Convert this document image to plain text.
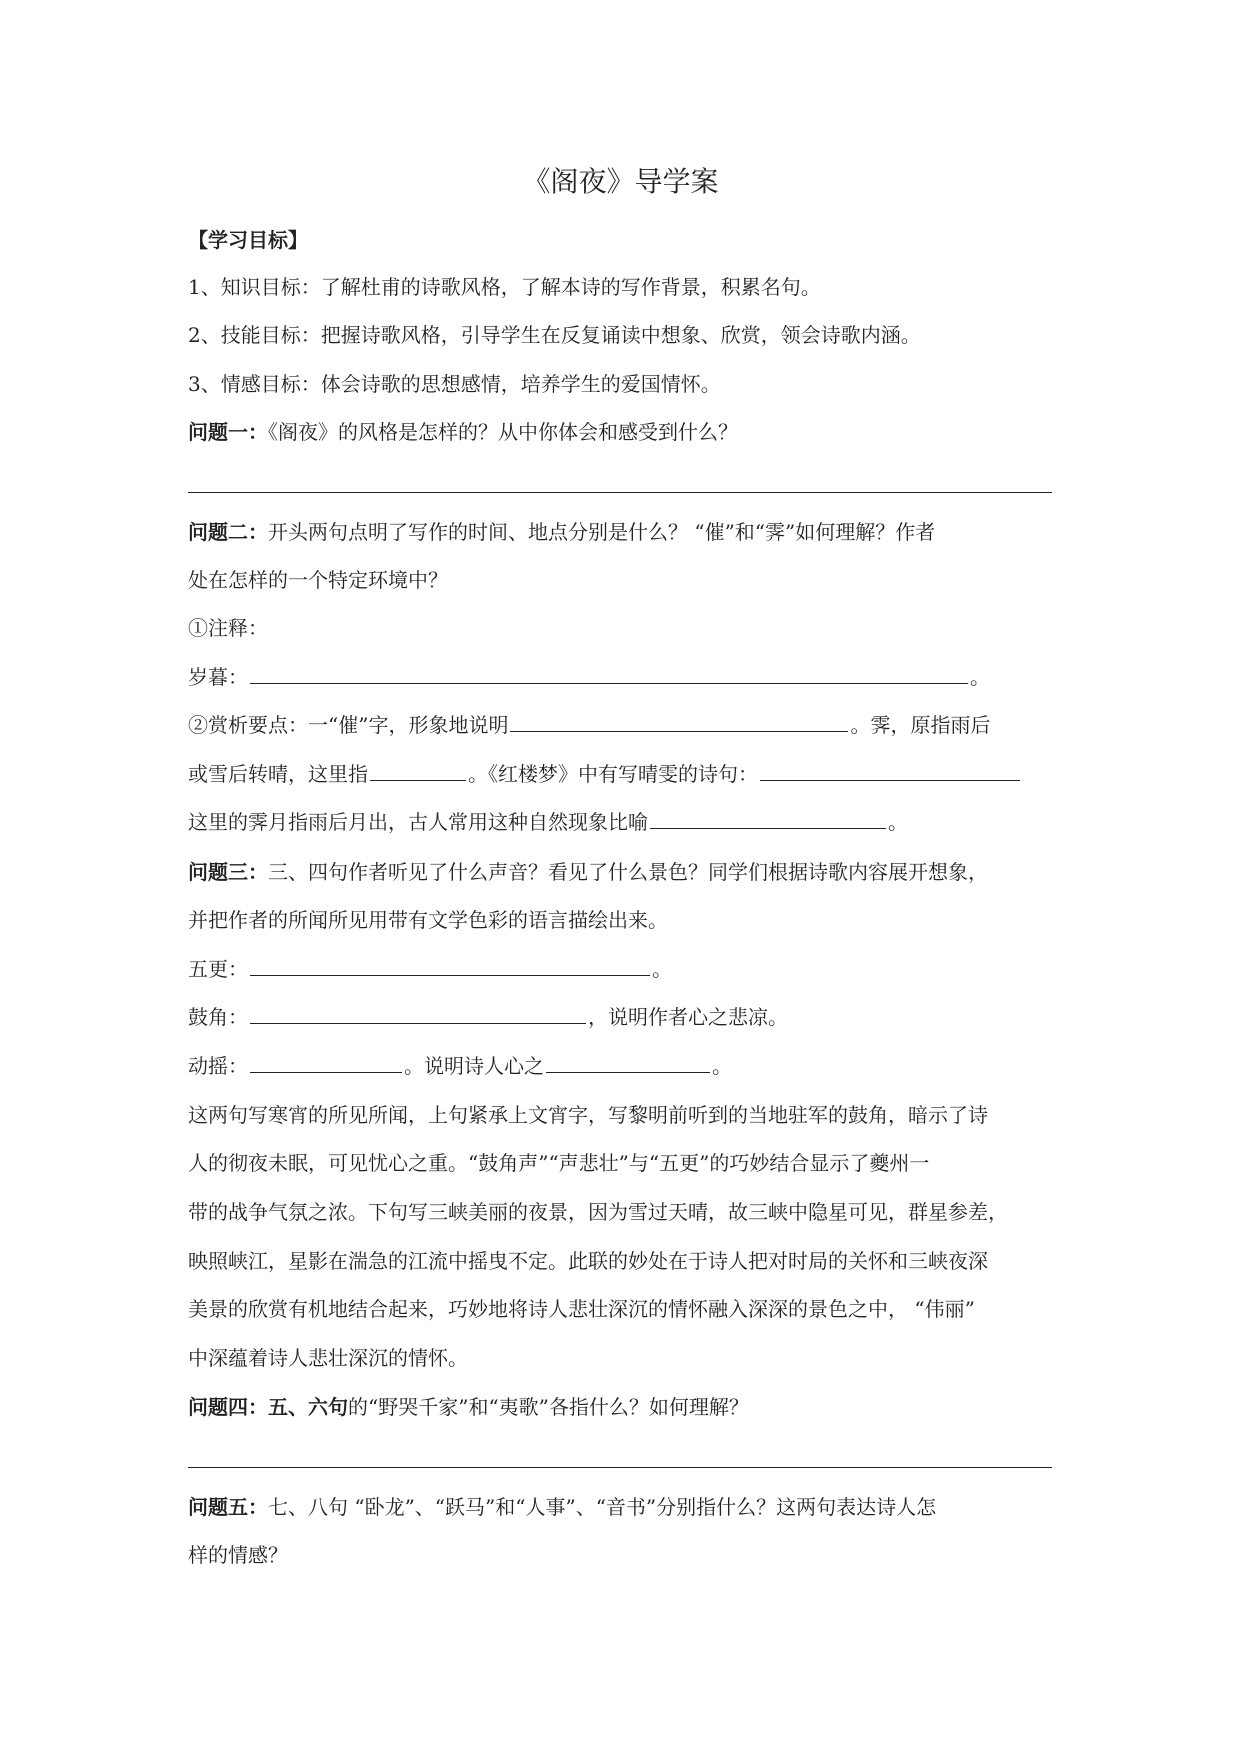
《阁夜》导学案
【学习目标】
1、知识目标：了解杜甫的诗歌风格，了解本诗的写作背景，积累名句。
2、技能目标：把握诗歌风格，引导学生在反复诵读中想象、欣赏，领会诗歌内涵。
3、情感目标：体会诗歌的思想感情，培养学生的爱国情怀。
问题一：《阁夜》的风格是怎样的？从中你体会和感受到什么？
问题二：开头两句点明了写作的时间、地点分别是什么？ “催”和“霁”如何理解？作者
处在怎样的一个特定环境中？
①注释：
岁暮：	。
②赏析要点：一“催”字，形象地说明	。霁，原指雨后
或雪后转晴，这里指	。《红楼梦》中有写晴雯的诗句：
这里的霁月指雨后月出，古人常用这种自然现象比喻	。
问题三：三、四句作者听见了什么声音？看见了什么景色？同学们根据诗歌内容展开想象，
并把作者的所闻所见用带有文学色彩的语言描绘出来。
五更：	。
鼓角：	，说明作者心之悲凉。
动摇：	。说明诗人心之	。
这两句写寒宵的所见所闻，上句紧承上文宵字，写黎明前听到的当地驻军的鼓角，暗示了诗
人的彻夜未眠，可见忧心之重。“鼓角声”“声悲壮”与“五更”的巧妙结合显示了夔州一
带的战争气氛之浓。下句写三峡美丽的夜景，因为雪过天晴，故三峡中隐星可见，群星参差，
映照峡江，星影在湍急的江流中摇曳不定。此联的妙处在于诗人把对时局的关怀和三峡夜深
美景的欣赏有机地结合起来，巧妙地将诗人悲壮深沉的情怀融入深深的景色之中， “伟丽”
中深蕴着诗人悲壮深沉的情怀。
问题四：五、六句的“野哭千家”和“夷歌”各指什么？如何理解？
问题五：七、八句 “卧龙”、“跃马”和“人事”、“音书”分别指什么？这两句表达诗人怎
样的情感？
